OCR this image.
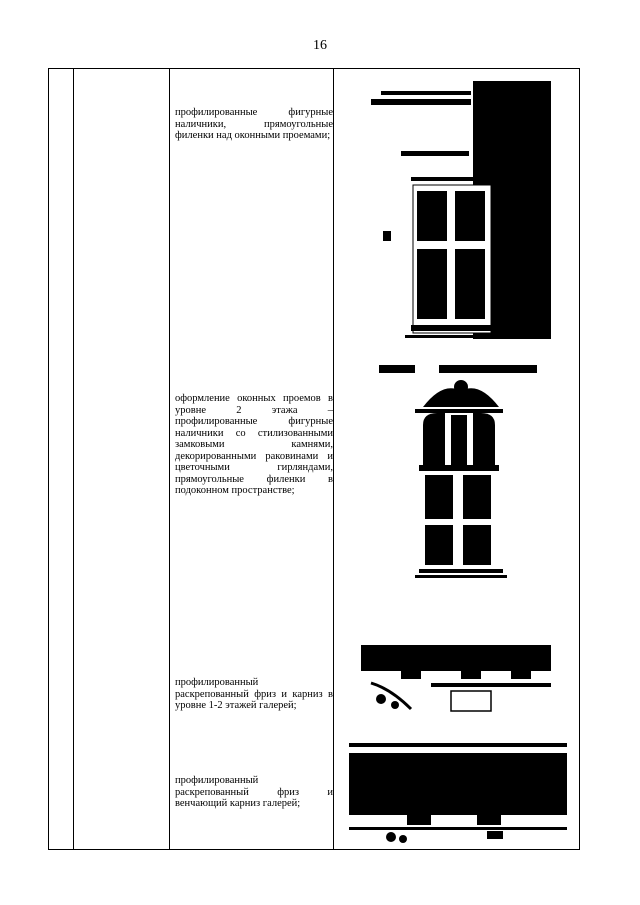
16
профилированные фигурные наличники, прямоугольные филенки над оконными проемами;
оформление оконных проемов в уровне 2 этажа – профилированные фигурные наличники со стилизованными замковыми камнями, декорированными раковинами и цветочными гирляндами, прямоугольные филенки в подоконном пространстве;
профилированный раскрепованный фриз и карниз в уровне 1-2 этажей галерей;
профилированный раскрепованный фриз и венчающий карниз галерей;
